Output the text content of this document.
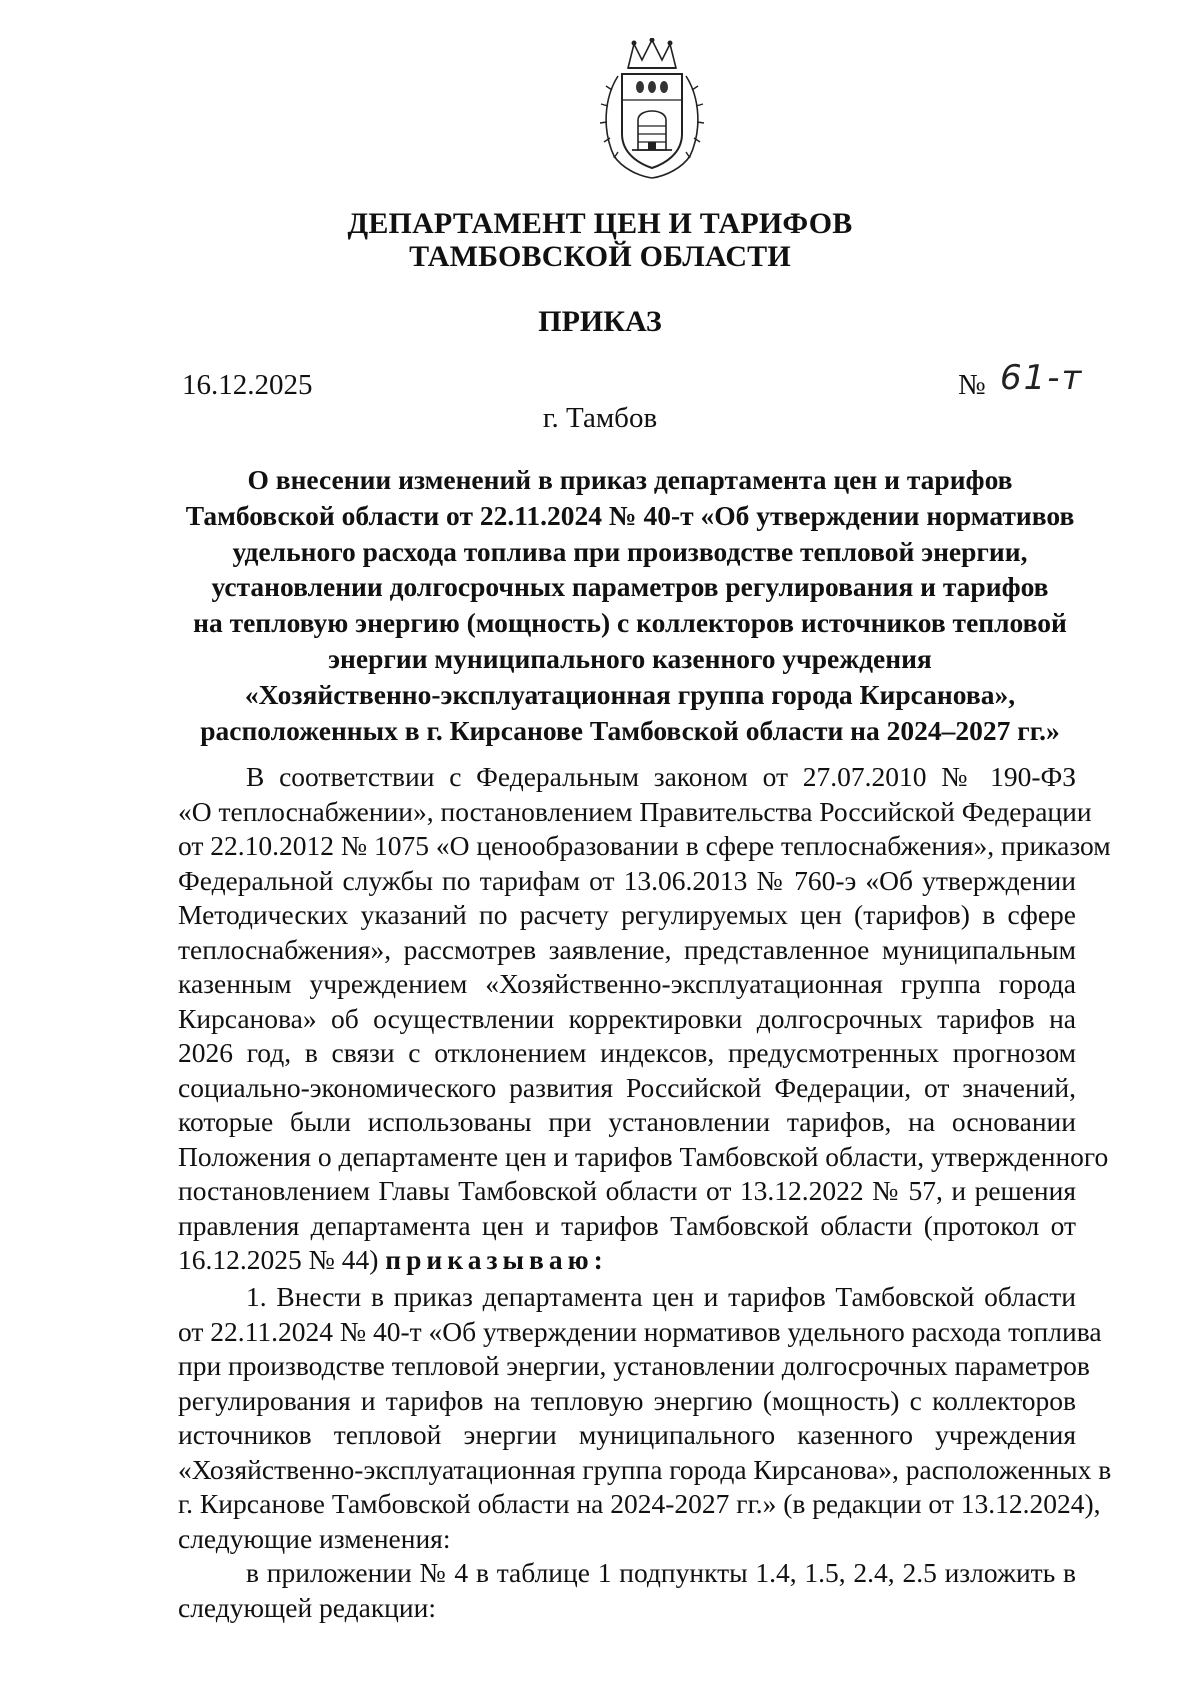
ДЕПАРТАМЕНТ ЦЕН И ТАРИФОВ
ТАМБОВСКОЙ ОБЛАСТИ
ПРИКАЗ
16.12.2025	№ 61-т
г. Тамбов
О внесении изменений в приказ департамента цен и тарифов
Тамбовской области от 22.11.2024 № 40-т «Об утверждении нормативов
удельного расхода топлива при производстве тепловой энергии,
установлении долгосрочных параметров регулирования и тарифов
на тепловую энергию (мощность) с коллекторов источников тепловой
энергии муниципального казенного учреждения
«Хозяйственно-эксплуатационная группа города Кирсанова»,
расположенных в г. Кирсанове Тамбовской области на 2024–2027 гг.»
В соответствии с Федеральным законом от 27.07.2010 № 190-ФЗ
«О теплоснабжении», постановлением Правительства Российской Федерации
от 22.10.2012 № 1075 «О ценообразовании в сфере теплоснабжения», приказом
Федеральной службы по тарифам от 13.06.2013 № 760-э «Об утверждении
Методических указаний по расчету регулируемых цен (тарифов) в сфере
теплоснабжения», рассмотрев заявление, представленное муниципальным
казенным учреждением «Хозяйственно-эксплуатационная группа города
Кирсанова» об осуществлении корректировки долгосрочных тарифов на
2026 год, в связи с отклонением индексов, предусмотренных прогнозом
социально-экономического развития Российской Федерации, от значений,
которые были использованы при установлении тарифов, на основании
Положения о департаменте цен и тарифов Тамбовской области, утвержденного
постановлением Главы Тамбовской области от 13.12.2022 № 57, и решения
правления департамента цен и тарифов Тамбовской области (протокол от
16.12.2025 № 44) приказываю:
1. Внести в приказ департамента цен и тарифов Тамбовской области
от 22.11.2024 № 40-т «Об утверждении нормативов удельного расхода топлива
при производстве тепловой энергии, установлении долгосрочных параметров
регулирования и тарифов на тепловую энергию (мощность) с коллекторов
источников тепловой энергии муниципального казенного учреждения
«Хозяйственно-эксплуатационная группа города Кирсанова», расположенных в
г. Кирсанове Тамбовской области на 2024-2027 гг.» (в редакции от 13.12.2024),
следующие изменения:
в приложении № 4 в таблице 1 подпункты 1.4, 1.5, 2.4, 2.5 изложить в
следующей редакции:
